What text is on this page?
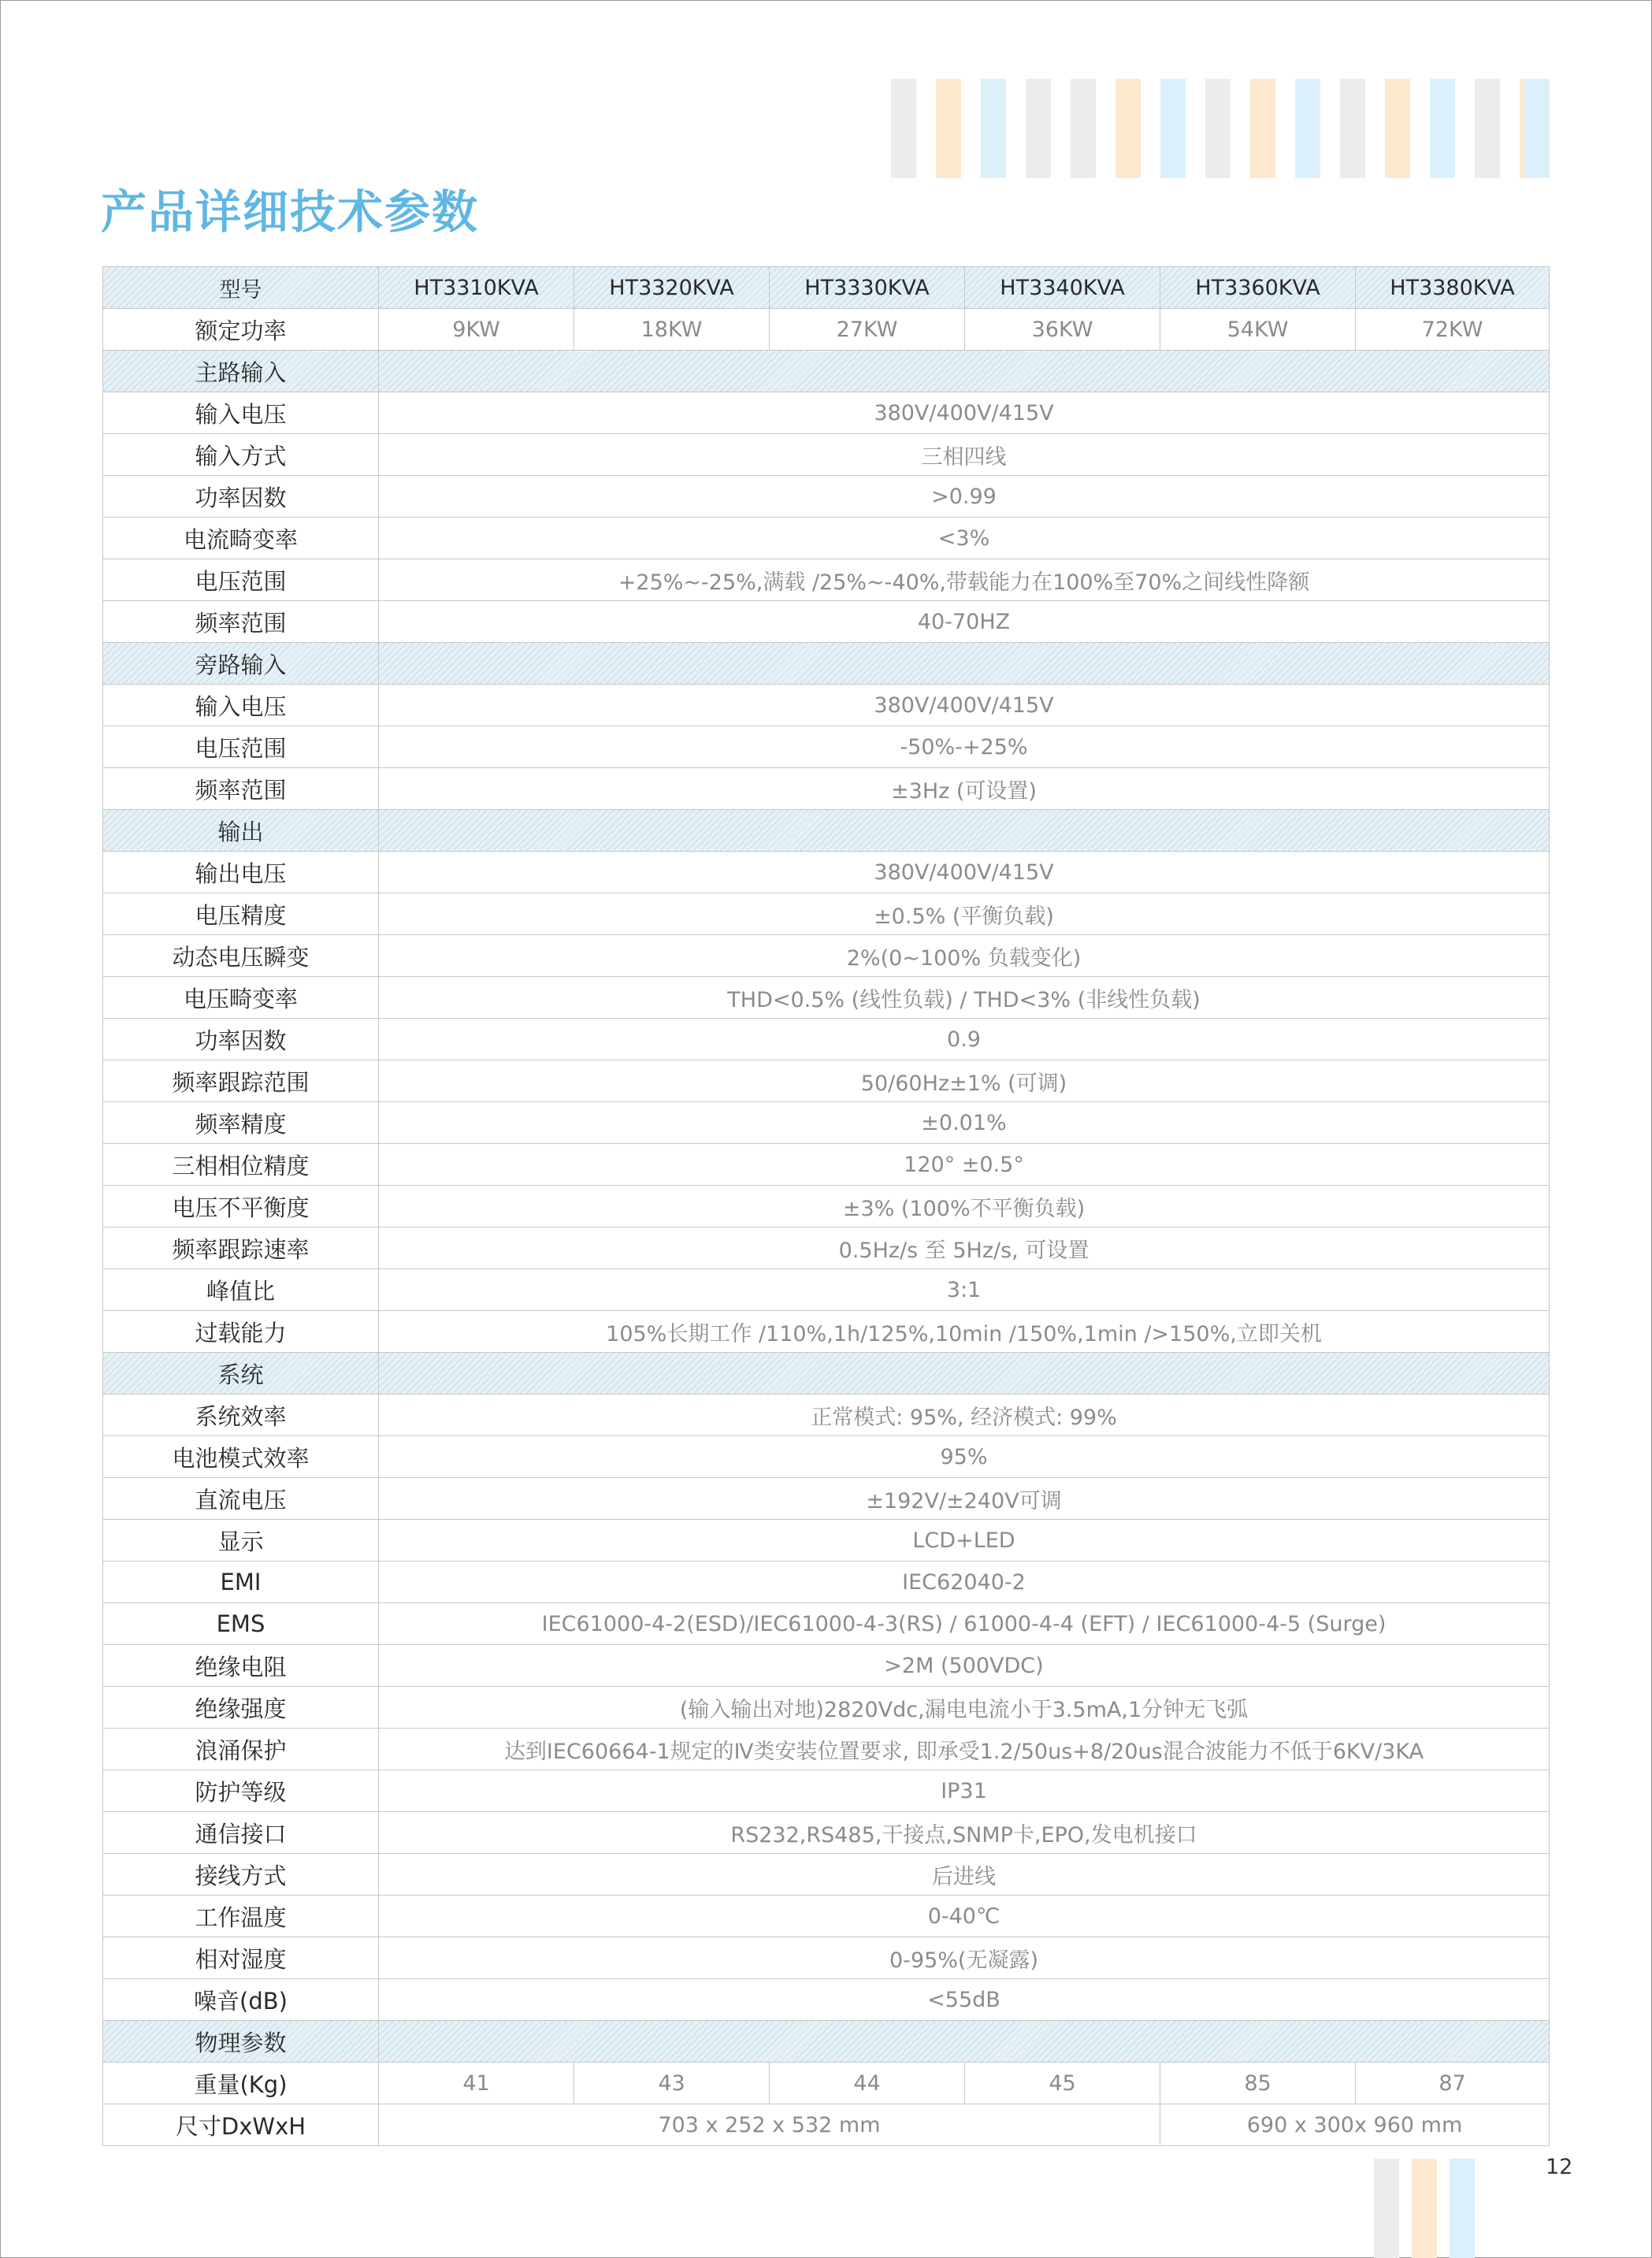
产品详细技术参数
型号	HT3310KVA	HT3320KVA	HT3330KVA	HT3340KVA	HT3360KVA	HT3380KVA
额定功率	9KW	18KW	27KW	36KW	54KW	72KW
主路输入						
输入电压	380V/400V/415V					
输入方式	三相四线					
功率因数	>0.99					
电流畸变率	<3%					
电压范围	+25%~-25%,满载 /25%~-40%,带载能力在100%至70%之间线性降额					
频率范围	40-70HZ					
旁路输入						
输入电压	380V/400V/415V					
电压范围	-50%-+25%					
频率范围	±3Hz (可设置)					
输出						
输出电压	380V/400V/415V					
电压精度	±0.5% (平衡负载)					
动态电压瞬变	2%(0~100% 负载变化)					
电压畸变率	THD<0.5% (线性负载) / THD<3% (非线性负载)					
功率因数	0.9					
频率跟踪范围	50/60Hz±1% (可调)					
频率精度	±0.01%					
三相相位精度	120° ±0.5°					
电压不平衡度	±3% (100%不平衡负载)					
频率跟踪速率	0.5Hz/s 至 5Hz/s, 可设置					
峰值比	3:1					
过载能力	105%长期工作 /110%,1h/125%,10min /150%,1min />150%,立即关机					
系统						
系统效率	正常模式: 95%, 经济模式: 99%					
电池模式效率	95%					
直流电压	±192V/±240V可调					
显示	LCD+LED					
EMI	IEC62040-2					
EMS	IEC61000-4-2(ESD)/IEC61000-4-3(RS) / 61000-4-4 (EFT) / IEC61000-4-5 (Surge)					
绝缘电阻	>2M (500VDC)					
绝缘强度	(输入输出对地)2820Vdc,漏电电流小于3.5mA,1分钟无飞弧					
浪涌保护	达到IEC60664-1规定的Ⅳ类安装位置要求, 即承受1.2/50us+8/20us混合波能力不低于6KV/3KA					
防护等级	IP31					
通信接口	RS232,RS485,干接点,SNMP卡,EPO,发电机接口					
接线方式	后进线					
工作温度	0-40℃					
相对湿度	0-95%(无凝露)					
噪音(dB)	<55dB					
物理参数						
重量(Kg)	41	43	44	45	85	87
尺寸DxWxH	703 x 252 x 532 mm				690 x 300x 960 mm	
12
